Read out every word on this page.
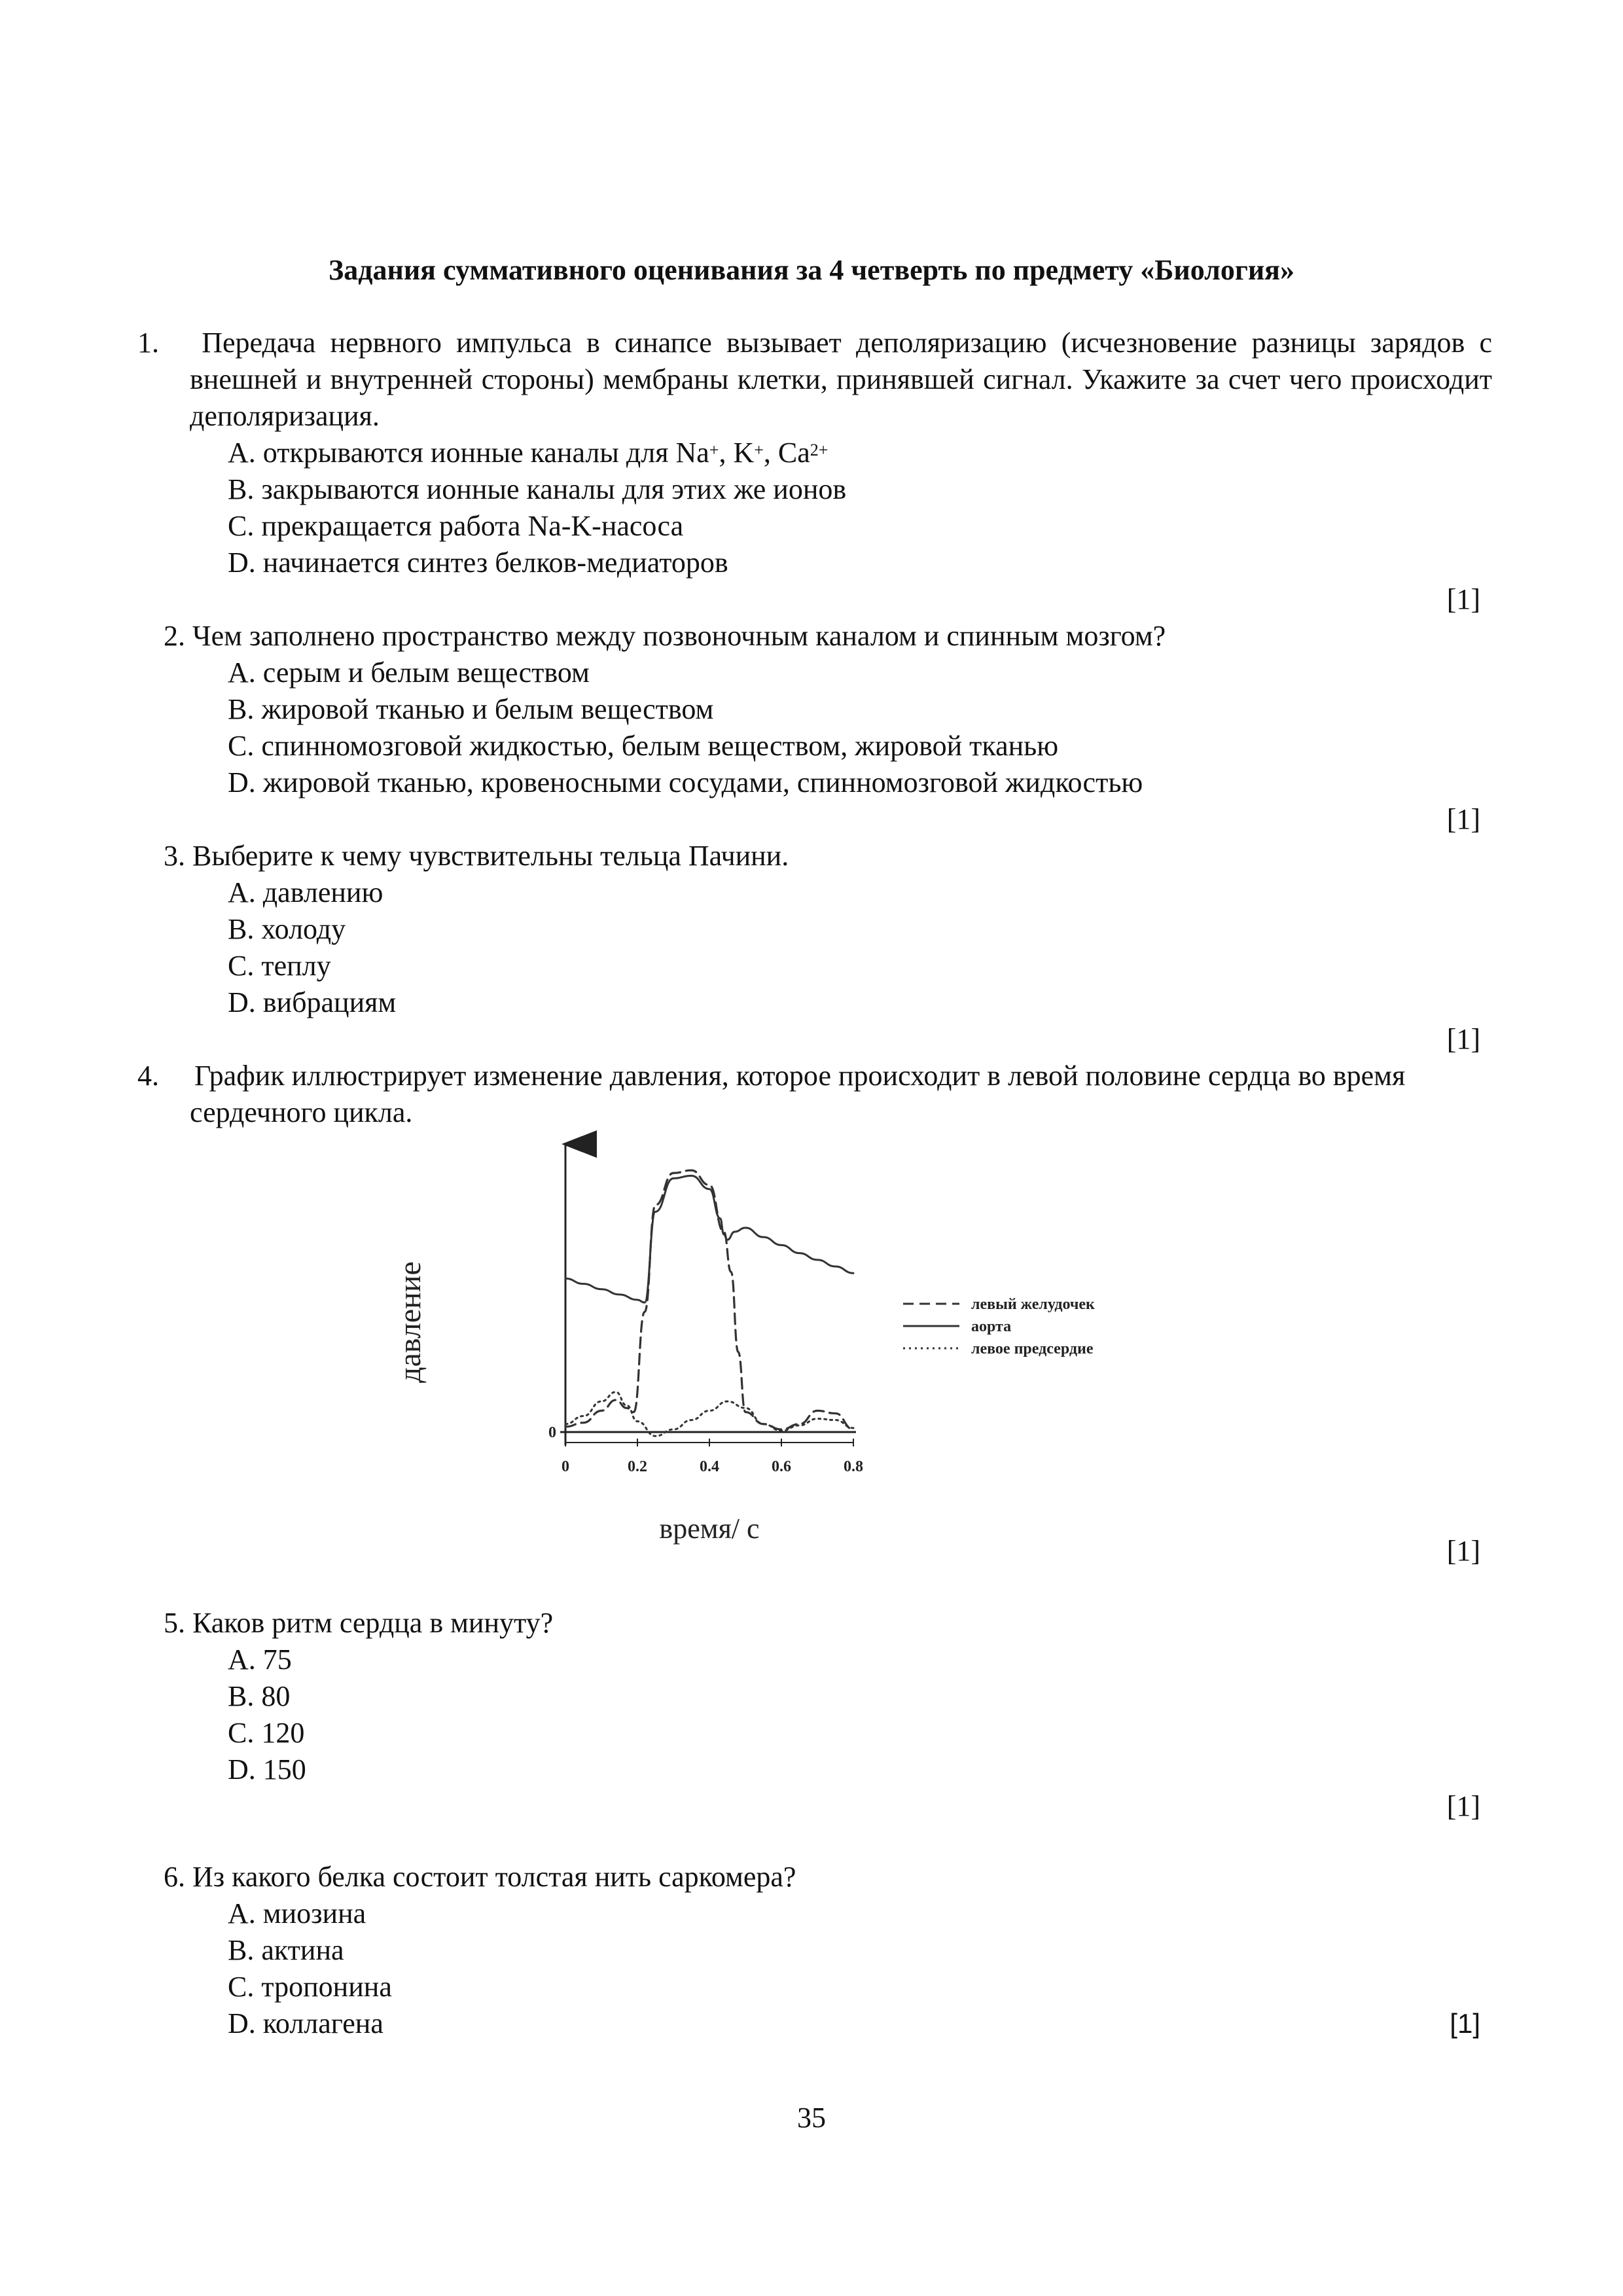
Задания суммативного оценивания за 4 четверть по предмету «Биология»
1. Передача нервного импульса в синапсе вызывает деполяризацию (исчезновение разницы зарядов с внешней и внутренней стороны) мембраны клетки, принявшей сигнал. Укажите за счет чего происходит деполяризация.
A. открываются ионные каналы для Na+, K+, $Ca^{2+}$
B. закрываются ионные каналы для этих же ионов
C. прекращается работа Na-K-насоса
D. начинается синтез белков-медиаторов
[1]
2. Чем заполнено пространство между позвоночным каналом и спинным мозгом?
A. серым и белым веществом
B. жировой тканью и белым веществом
C. спинномозговой жидкостью, белым веществом, жировой тканью
D. жировой тканью, кровеносными сосудами, спинномозговой жидкостью
[1]
3. Выберите к чему чувствительны тельца Пачини.
A. давлению
B. холоду
C. теплу
D. вибрациям
[1]
4. График иллюстрирует изменение давления, которое происходит в левой половине сердца во время сердечного цикла.
0	0.2	0.4	0.6	0.8
0
левый желудочек
аорта
левое предсердие
давление
время/ с
[1]
5. Каков ритм сердца в минуту?
A. 75
B. 80
C. 120
D. 150
[1]
6. Из какого белка состоит толстая нить саркомера?
A. миозина
B. актина
C. тропонина
D. коллагена	[1]
35
